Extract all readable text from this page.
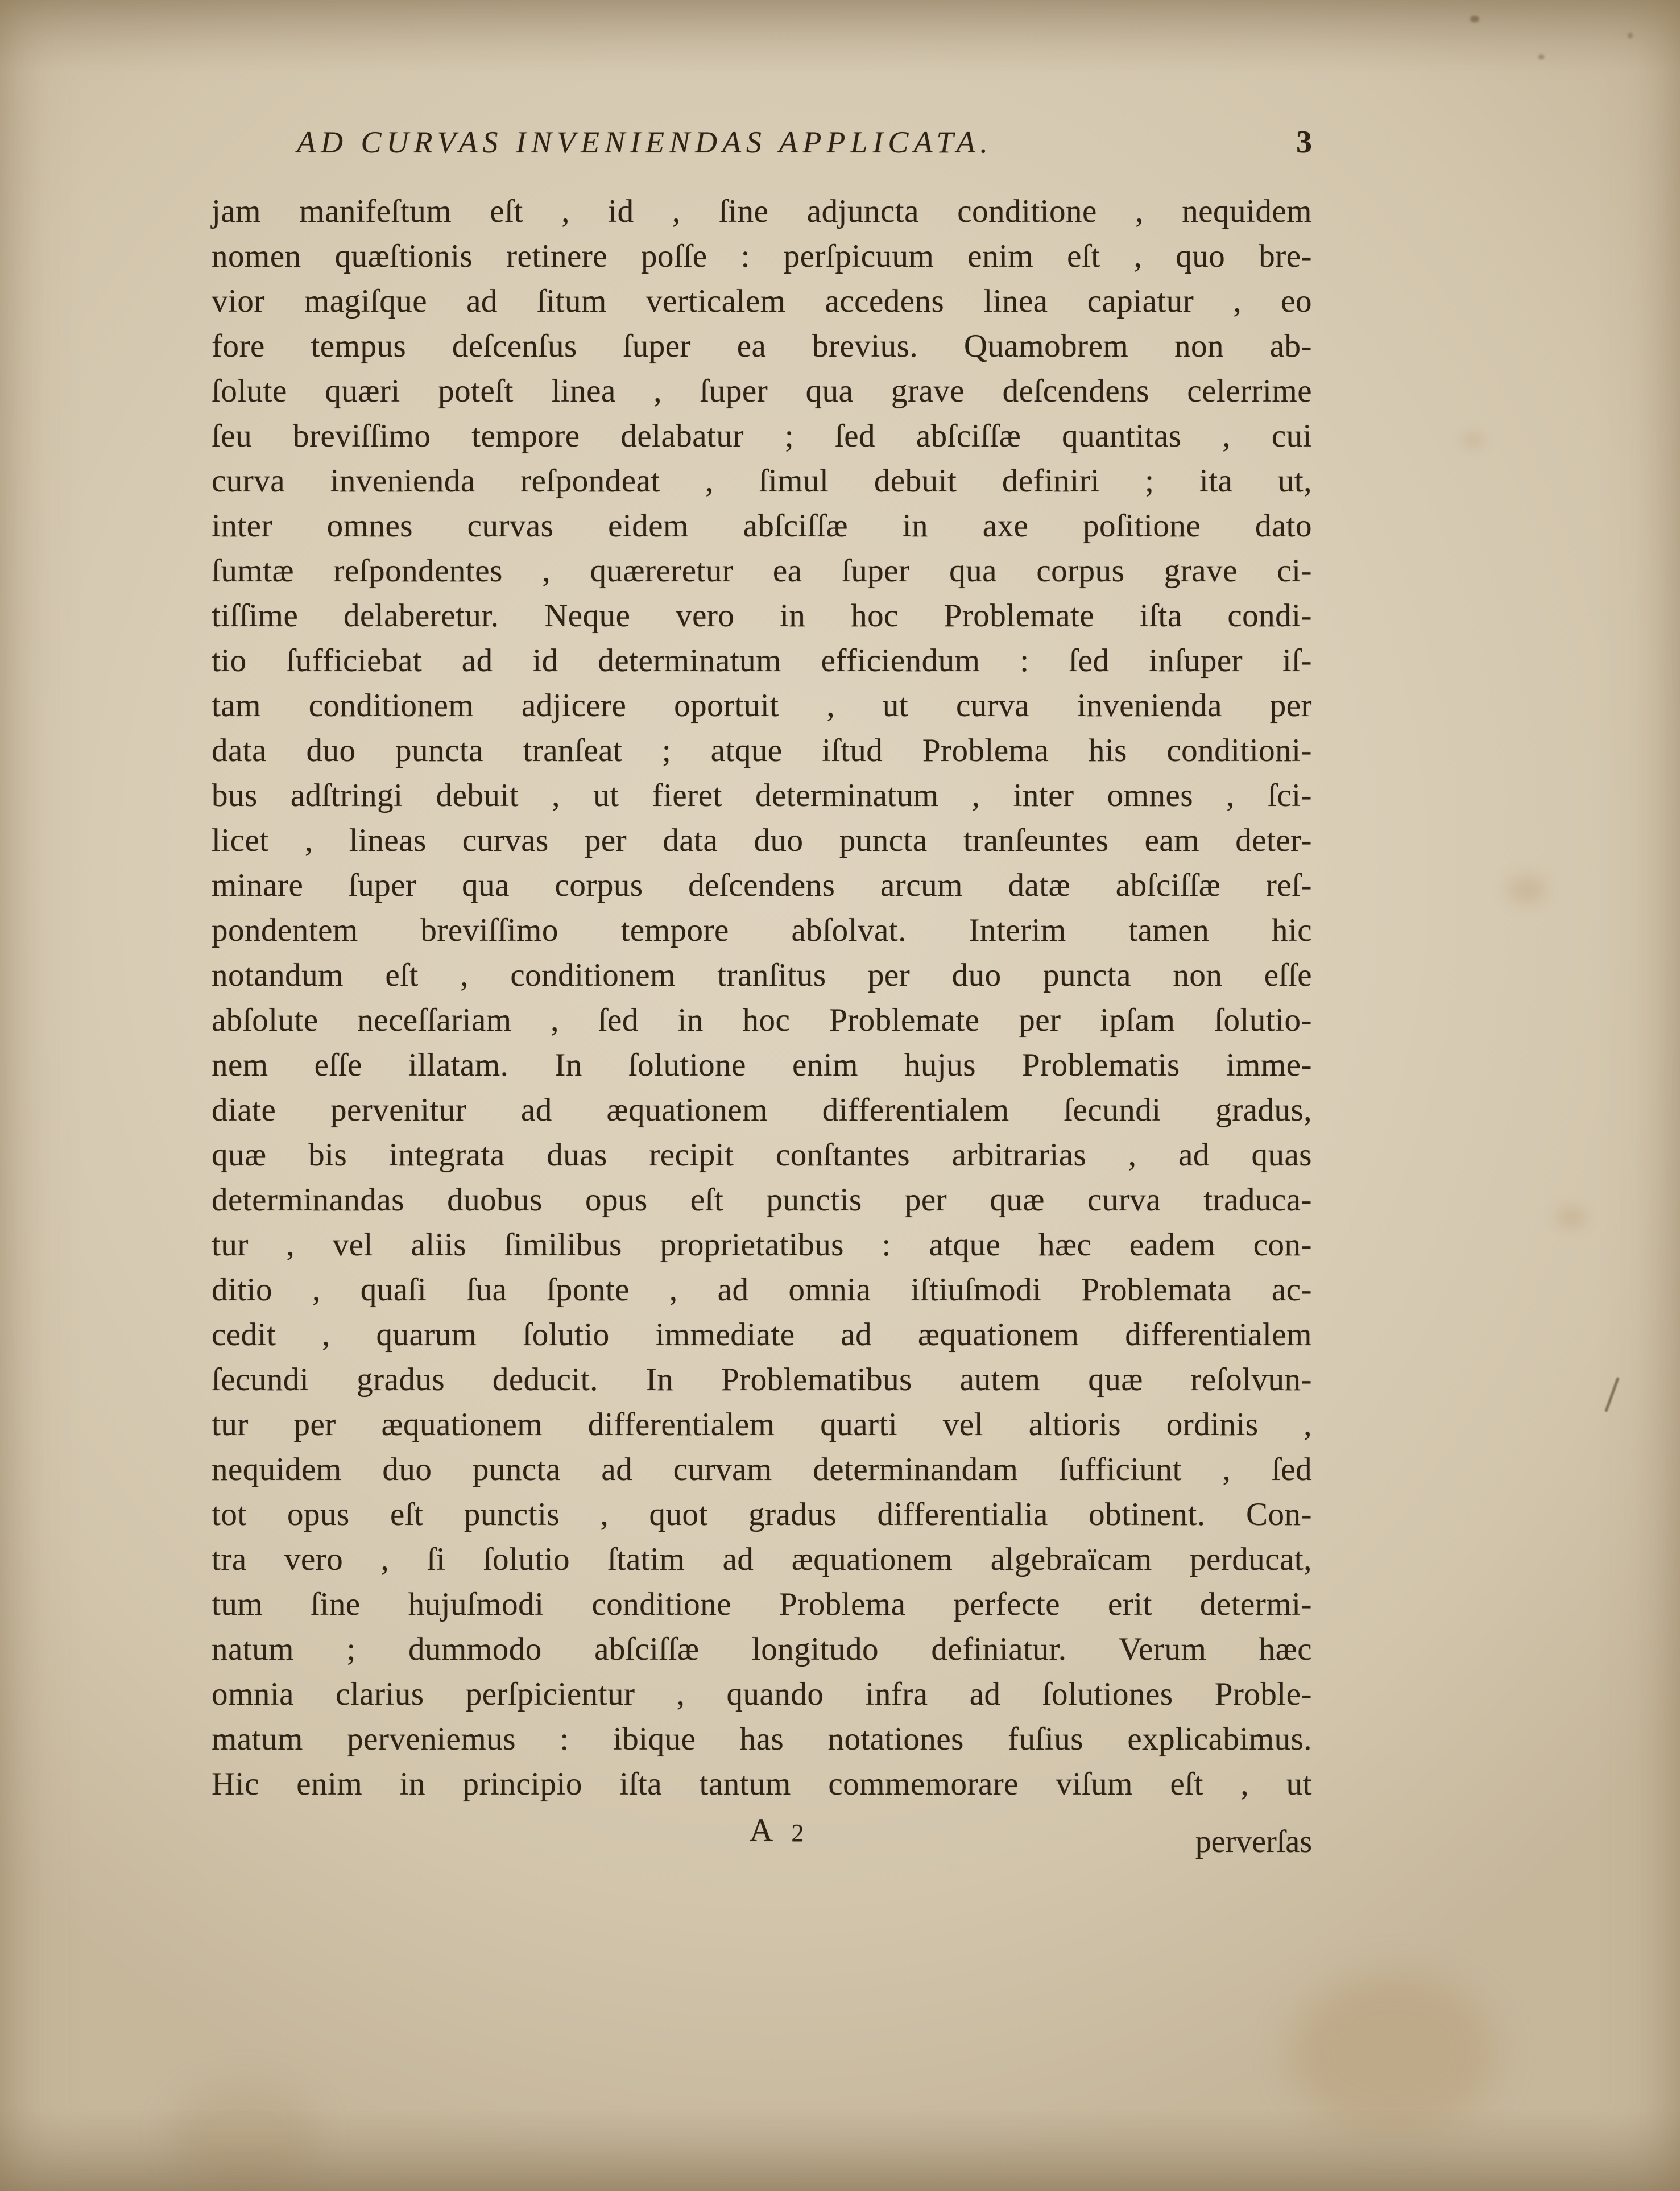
AD CURVAS INVENIENDAS APPLICATA.	3
jam manifeſtum eſt , id , ſine adjuncta conditione , nequidem
nomen quæſtionis retinere poſſe : perſpicuum enim eſt , quo bre-
vior magiſque ad ſitum verticalem accedens linea capiatur , eo
fore tempus deſcenſus ſuper ea brevius. Quamobrem non ab-
ſolute quæri poteſt linea , ſuper qua grave deſcendens celerrime
ſeu breviſſimo tempore delabatur ; ſed abſciſſæ quantitas , cui
curva invenienda reſpondeat , ſimul debuit definiri ; ita ut,
inter omnes curvas eidem abſciſſæ in axe poſitione dato
ſumtæ reſpondentes , quæreretur ea ſuper qua corpus grave ci-
tiſſime delaberetur. Neque vero in hoc Problemate iſta condi-
tio ſufficiebat ad id determinatum efficiendum : ſed inſuper iſ-
tam conditionem adjicere oportuit , ut curva invenienda per
data duo puncta tranſeat ; atque iſtud Problema his conditioni-
bus adſtringi debuit , ut fieret determinatum , inter omnes , ſci-
licet , lineas curvas per data duo puncta tranſeuntes eam deter-
minare ſuper qua corpus deſcendens arcum datæ abſciſſæ reſ-
pondentem breviſſimo tempore abſolvat. Interim tamen hic
notandum eſt , conditionem tranſitus per duo puncta non eſſe
abſolute neceſſariam , ſed in hoc Problemate per ipſam ſolutio-
nem eſſe illatam. In ſolutione enim hujus Problematis imme-
diate pervenitur ad æquationem differentialem ſecundi gradus,
quæ bis integrata duas recipit conſtantes arbitrarias , ad quas
determinandas duobus opus eſt punctis per quæ curva traduca-
tur , vel aliis ſimilibus proprietatibus : atque hæc eadem con-
ditio , quaſi ſua ſponte , ad omnia iſtiuſmodi Problemata ac-
cedit , quarum ſolutio immediate ad æquationem differentialem
ſecundi gradus deducit. In Problematibus autem quæ reſolvun-
tur per æquationem differentialem quarti vel altioris ordinis ,
nequidem duo puncta ad curvam determinandam ſufficiunt , ſed
tot opus eſt punctis , quot gradus differentialia obtinent. Con-
tra vero , ſi ſolutio ſtatim ad æquationem algebraïcam perducat,
tum ſine hujuſmodi conditione Problema perfecte erit determi-
natum ; dummodo abſciſſæ longitudo definiatur. Verum hæc
omnia clarius perſpicientur , quando infra ad ſolutiones Proble-
matum perveniemus : ibique has notationes fuſius explicabimus.
Hic enim in principio iſta tantum commemorare viſum eſt , ut
A 2	perverſas
